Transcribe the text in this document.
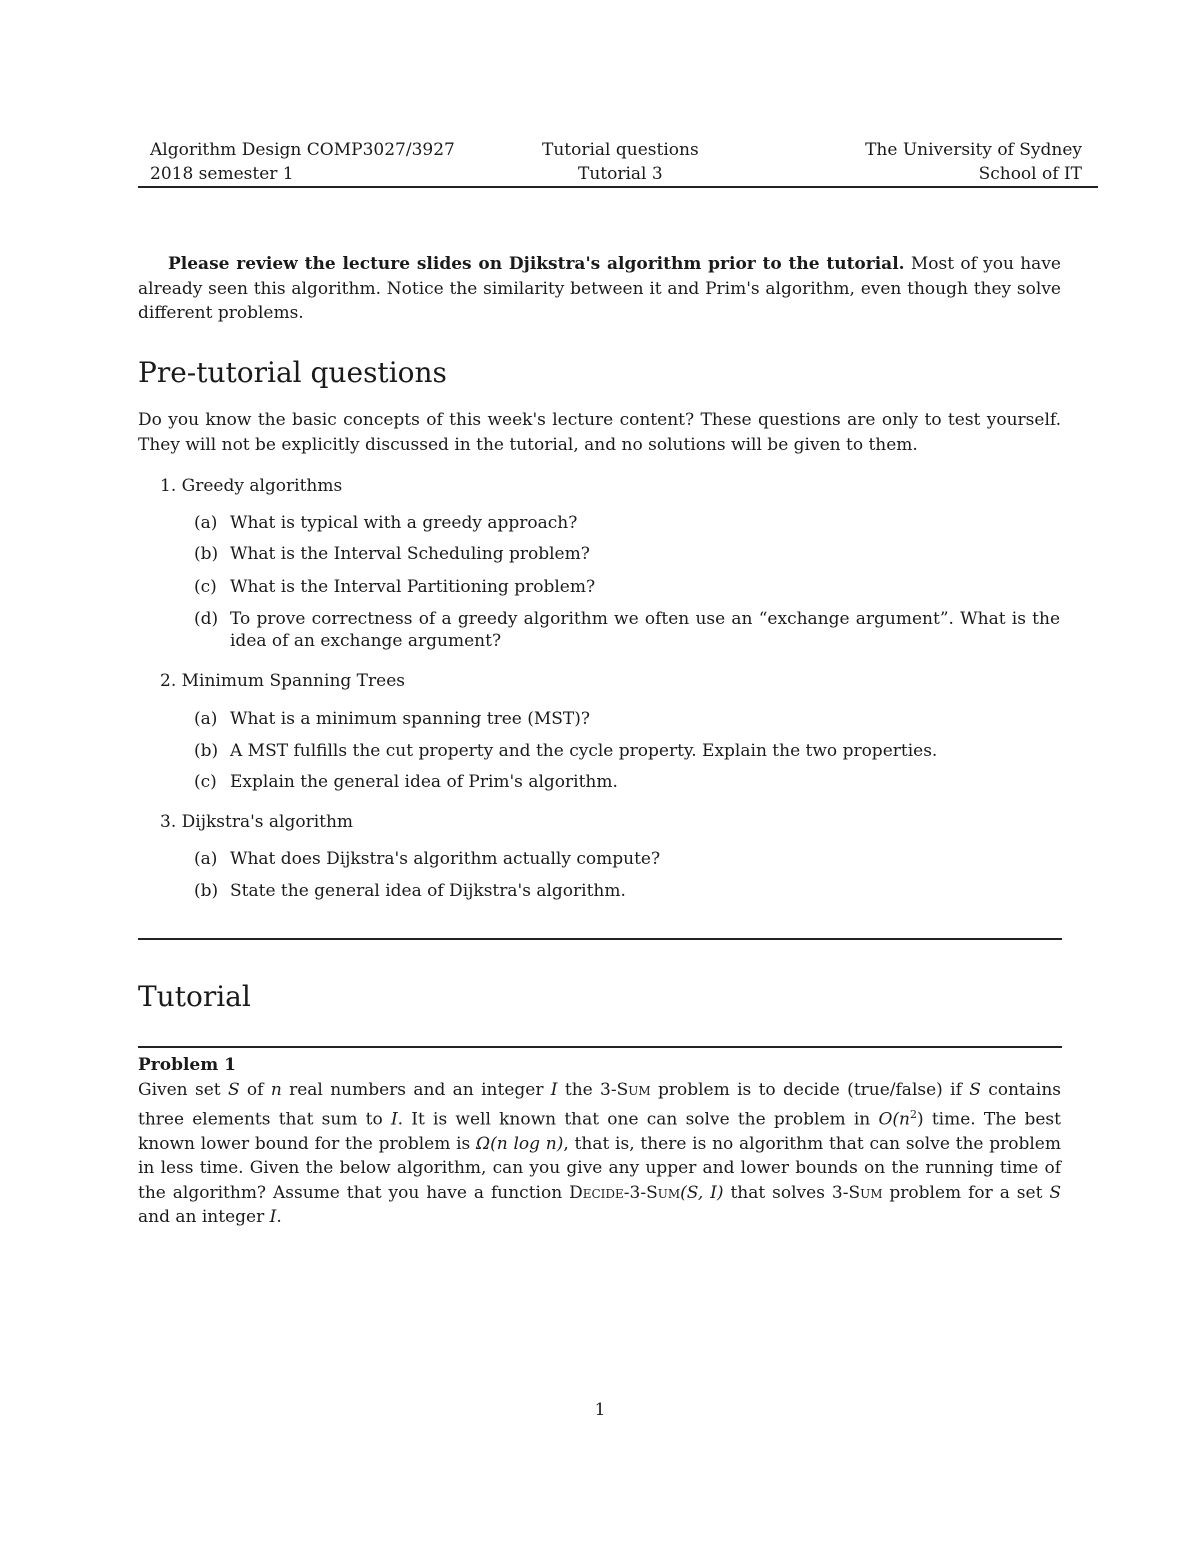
Algorithm Design COMP3027/3927	Tutorial questions	The University of Sydney
2018 semester 1	Tutorial 3	School of IT
Please review the lecture slides on Djikstra's algorithm prior to the tutorial. Most of you have already seen this algorithm. Notice the similarity between it and Prim's algorithm, even though they solve different problems.
Pre-tutorial questions
Do you know the basic concepts of this week's lecture content? These questions are only to test yourself. They will not be explicitly discussed in the tutorial, and no solutions will be given to them.
1. Greedy algorithms
(a) What is typical with a greedy approach?
(b) What is the Interval Scheduling problem?
(c) What is the Interval Partitioning problem?
(d) To prove correctness of a greedy algorithm we often use an “exchange argument”. What is the idea of an exchange argument?
2. Minimum Spanning Trees
(a) What is a minimum spanning tree (MST)?
(b) A MST fulfills the cut property and the cycle property. Explain the two properties.
(c) Explain the general idea of Prim's algorithm.
3. Dijkstra's algorithm
(a) What does Dijkstra's algorithm actually compute?
(b) State the general idea of Dijkstra's algorithm.
Tutorial
Problem 1
Given set S of n real numbers and an integer I the 3-Sum problem is to decide (true/false) if S contains three elements that sum to I. It is well known that one can solve the problem in $O(n^2)$ time. The best known lower bound for the problem is Ω(n log n), that is, there is no algorithm that can solve the problem in less time. Given the below algorithm, can you give any upper and lower bounds on the running time of the algorithm? Assume that you have a function Decide-3-Sum(S, I) that solves 3-Sum problem for a set S and an integer I.
1
